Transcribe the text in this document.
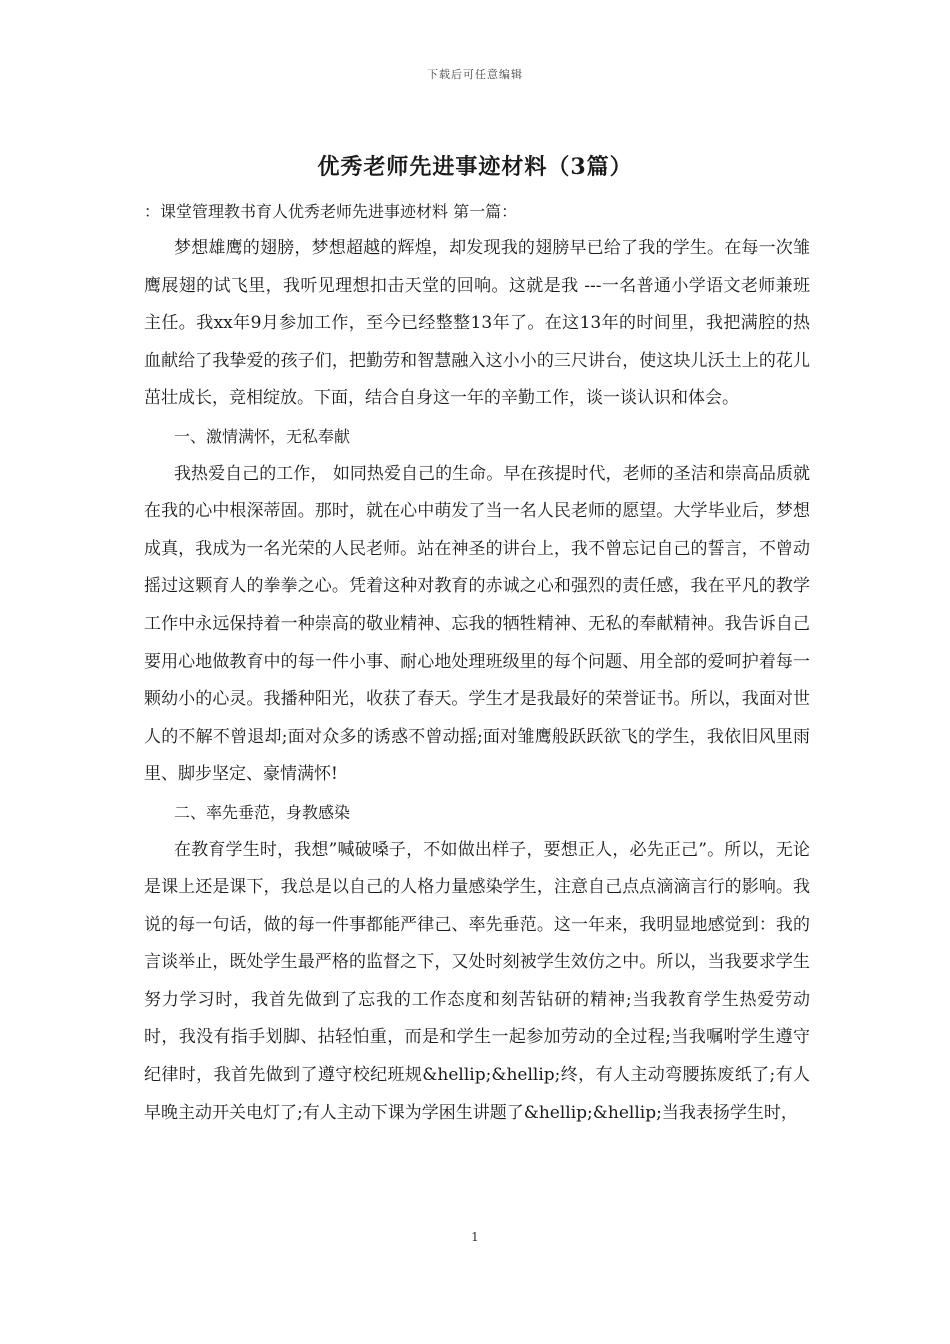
下载后可任意编辑
优秀老师先进事迹材料（3篇）

：课堂管理教书育人优秀老师先进事迹材料 第一篇：

梦想雄鹰的翅膀，梦想超越的辉煌，却发现我的翅膀早已给了我的学生。在每一次雏鹰展翅的试飞里，我听见理想扣击天堂的回响。这就是我 ---一名普通小学语文老师兼班主任。我xx年9月参加工作，至今已经整整13年了。在这13年的时间里，我把满腔的热血献给了我挚爱的孩子们，把勤劳和智慧融入这小小的三尺讲台，使这块儿沃土上的花儿茁壮成长，竞相绽放。下面，结合自身这一年的辛勤工作，谈一谈认识和体会。

一、激情满怀，无私奉献

我热爱自己的工作， 如同热爱自己的生命。早在孩提时代，老师的圣洁和崇高品质就在我的心中根深蒂固。那时，就在心中萌发了当一名人民老师的愿望。大学毕业后，梦想成真，我成为一名光荣的人民老师。站在神圣的讲台上，我不曾忘记自己的誓言，不曾动摇过这颗育人的拳拳之心。凭着这种对教育的赤诚之心和强烈的责任感，我在平凡的教学工作中永远保持着一种崇高的敬业精神、忘我的牺牲精神、无私的奉献精神。我告诉自己要用心地做教育中的每一件小事、耐心地处理班级里的每个问题、用全部的爱呵护着每一颗幼小的心灵。我播种阳光，收获了春天。学生才是我最好的荣誉证书。所以，我面对世人的不解不曾退却;面对众多的诱惑不曾动摇;面对雏鹰般跃跃欲飞的学生，我依旧风里雨里、脚步坚定、豪情满怀!

二、率先垂范，身教感染

在教育学生时，我想”喊破嗓子，不如做出样子，要想正人，必先正己”。所以，无论是课上还是课下，我总是以自己的人格力量感染学生，注意自己点点滴滴言行的影响。我说的每一句话，做的每一件事都能严律己、率先垂范。这一年来，我明显地感觉到：我的言谈举止，既处学生最严格的监督之下，又处时刻被学生效仿之中。所以，当我要求学生努力学习时，我首先做到了忘我的工作态度和刻苦钻研的精神;当我教育学生热爱劳动时，我没有指手划脚、拈轻怕重，而是和学生一起参加劳动的全过程;当我嘱咐学生遵守纪律时，我首先做到了遵守校纪班规&hellip;&hellip;终，有人主动弯腰拣废纸了;有人早晚主动开关电灯了;有人主动下课为学困生讲题了&hellip;&hellip;当我表扬学生时，

1
